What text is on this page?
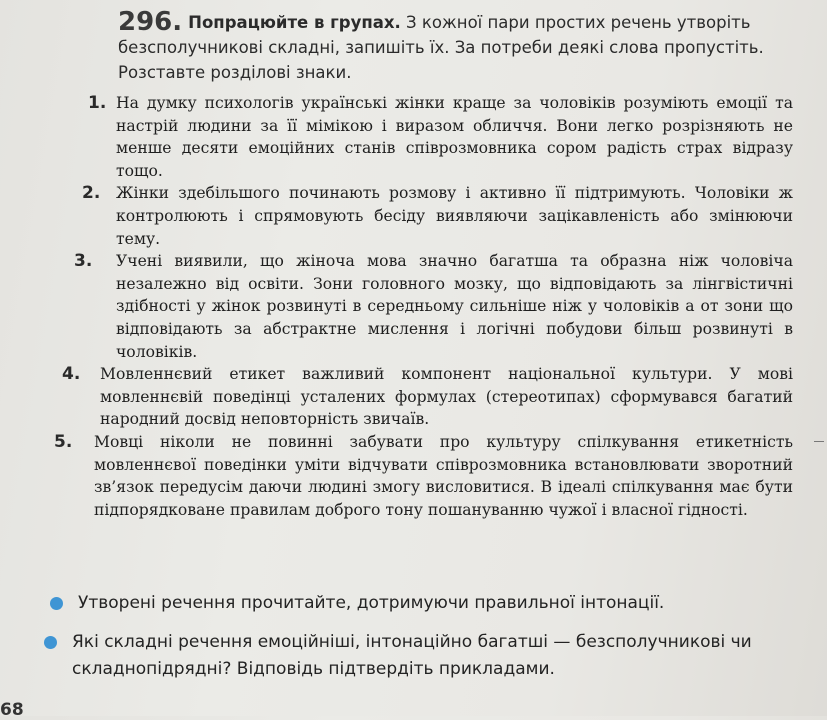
296. Попрацюйте в групах. З кожної пари простих речень утворіть безсполучникові складні, запишіть їх. За потреби деякі слова пропустіть. Розставте розділові знаки.
1. На думку психологів українські жінки краще за чоловіків розуміють емоції та настрій людини за її мімікою і виразом обличчя. Вони легко розрізняють не менше десяти емоційних станів співрозмовника сором радість страх відразу тощо.
2. Жінки здебільшого починають розмову і активно її підтримують. Чоловіки ж контролюють і спрямовують бесіду виявляючи зацікавленість або змінюючи тему.
3. Учені виявили, що жіноча мова значно багатша та образна ніж чоловіча незалежно від освіти. Зони головного мозку, що відповідають за лінгвістичні здібності у жінок розвинуті в середньому сильніше ніж у чоловіків а от зони що відповідають за абстрактне мислення і логічні побудови більш розвинуті в чоловіків.
4. Мовленнєвий етикет важливий компонент національної культури. У мові мовленнєвій поведінці усталених формулах (стереотипах) сформувався багатий народний досвід неповторність звичаїв.
5. Мовці ніколи не повинні забувати про культуру спілкування етикетність мовленнєвої поведінки уміти відчувати співрозмовника встановлювати зворотний зв’язок передусім даючи людині змогу висловитися. В ідеалі спілкування має бути підпорядковане правилам доброго тону пошануванню чужої і власної гідності.
Утворені речення прочитайте, дотримуючи правильної інтонації.
Які складні речення емоційніші, інтонаційно багатші — безсполучникові чи складнопідрядні? Відповідь підтвердіть прикладами.
68
